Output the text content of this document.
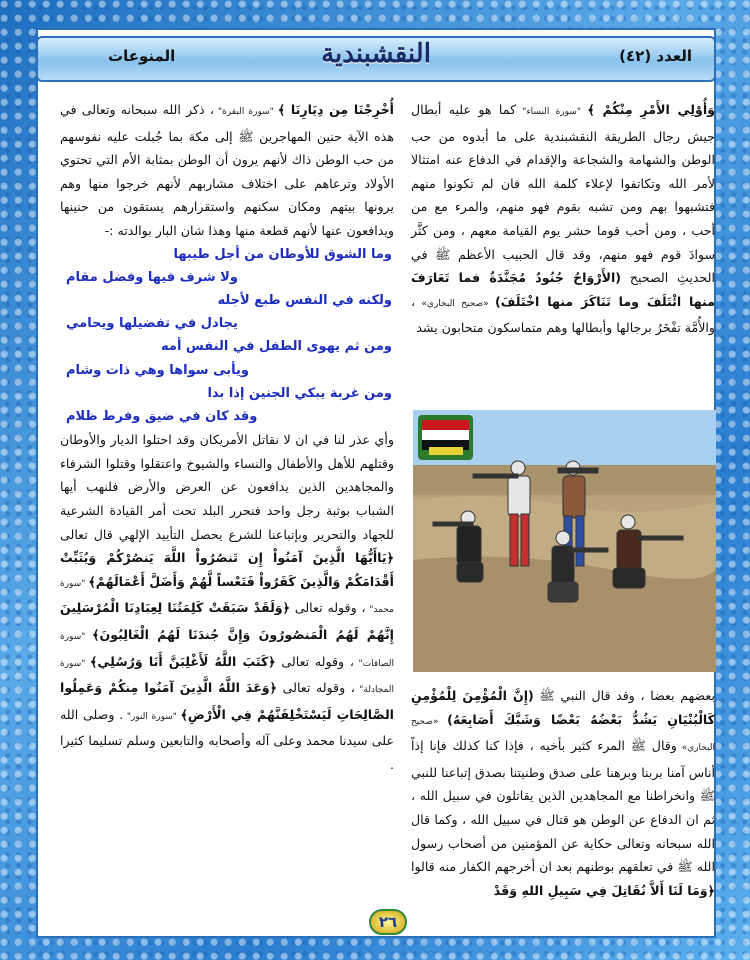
العدد (٤٢)
النقشبندية
المنوعات

وَأُوْلِي الأَمْرِ مِنْكُمْ ﴾ "سورة النساء" كما هو عليه أبطال جيش رجال الطريقة النقشبندية على ما أبدوه من حب الوطن والشهامة والشجاعة والإقدام في الدفاع عنه امتثالا لأمر الله وتكاتفوا لإعلاء كلمة الله فان لم تكونوا منهم فتشبهوا بهم ومن تشبه بقوم فهو منهم، والمرء مع من أحب ، ومن أحب قوما حشر يوم القيامة معهم ، ومن كثَّر سوادَ قوم فهو منهم، وقد قال الحبيب الأعظم ﷺ في الحديثِ الصحيح (الأَرْوَاحُ جُنُودٌ مُجَنَّدَةٌ فما تَعَارَفَ منها ائْتَلَفَ وما تَنَاكَرَ منها اخْتَلَفَ) «صحيح البخاري» ، والأُمَّة تفْخَرُ برجالها وأبطالها وهم متماسكون متحابون يشد

بعضهم بعضا ، وقد قال النبي ﷺ (إِنَّ الْمُؤْمِنَ لِلْمُؤْمِنِ كَالْبُنْيَانِ يَشُدُّ بَعْضُهُ بَعْضًا وَشَبَّكَ أَصَابِعَهُ) «صحيح البخاري» وقال ﷺ المرء كثير بأخيه ، فإذا كنا كذلك فإنا إذاً أناس آمنا بربنا وبرهنا على صدق وطنيتنا بصدق إتباعنا للنبي ﷺ وانخراطنا مع المجاهدين الذين يقاتلون في سبيل الله ، ثم ان الدفاع عن الوطن هو قتال في سبيل الله ، وكما قال الله سبحانه وتعالى حكاية عن المؤمنين من أصحاب رسول الله ﷺ في تعلقهم بوطنهم بعد ان أخرجهم الكفار منه قالوا ﴿وَمَا لَنَا أَلاَّ نُقَاتِلَ فِي سَبِيلِ اللهِ وَقَدْ

أُخْرِجْنَا مِن دِيَارِنَا ﴾ "سورة البقرة" ، ذكر الله سبحانه وتعالى في هذه الآية حنين المهاجرين ﷺ إلى مكة بما جُبلت عليه نفوسهم من حب الوطن ذاك لأنهم يرون أن الوطن بمثابة الأم التي تحتوي الأولاد وترعاهم على اختلاف مشاربهم لأنهم خرجوا منها وهم يرونها بيتهم ومكان سكنهم واستقرارهم يستقون من حنينها ويدافعون عنها لأنهم قطعة منها وهذا شان البار بوالدته :-

وما الشوق للأوطان من أجل طيبها
ولا شرف فيها وفضل مقام
ولكنه في النفس طبع لأجله
يجادل في تفضيلها ويحامي
ومن ثم يهوى الطفل في النفس أمه
ويأبى سواها وهي ذات وشام
ومن غربة يبكي الجنين إذا بدا
وقد كان في ضيق وفرط ظلام

وأي عذر لنا في ان لا نقاتل الأمريكان وقد احتلوا الديار والأوطان وقتلهم للأهل والأطفال والنساء والشيوخ واعتقلوا وقتلوا الشرفاء والمجاهدين الذين يدافعون عن العرض والأرض فلنهب أيها الشباب بوثبة رجل واحد فنحرر البلد تحت أمر القيادة الشرعية للجهاد والتحرير وبإتباعنا للشرع يحصل التأييد الإلهي قال تعالى ﴿يَاأَيُّهَا الَّذِينَ آمَنُواْ إِن تَنصُرُواْ اللَّهَ يَنصُرْكُمْ وَيُثَبِّتْ أَقْدَامَكُمْ وَالَّذِينَ كَفَرُواْ فَتَعْساً لَّهُمْ وَأَضَلَّ أَعْمَالَهُمْ﴾ "سورة محمد" ، وقوله تعالى ﴿وَلَقَدْ سَبَقَتْ كَلِمَتُنَا لِعِبَادِنَا الْمُرْسَلِينَ إِنَّهُمْ لَهُمُ الْمَنصُورُونَ وَإِنَّ جُندَنَا لَهُمُ الْغَالِبُونَ﴾ "سورة الصافات" ، وقوله تعالى ﴿كَتَبَ اللَّهُ لَأَغْلِبَنَّ أَنَا وَرُسُلِي﴾ "سورة المجادلة" ، وقوله تعالى ﴿وَعَدَ اللَّهُ الَّذِينَ آمَنُوا مِنكُمْ وَعَمِلُوا الصَّالِحَاتِ لَيَسْتَخْلِفَنَّهُمْ فِي الْأَرْضِ﴾ "سورة النور" . وصلى الله على سيدنا محمد وعلى آله وأصحابه والتابعين وسلم تسليما كثيرا .

٢٦
